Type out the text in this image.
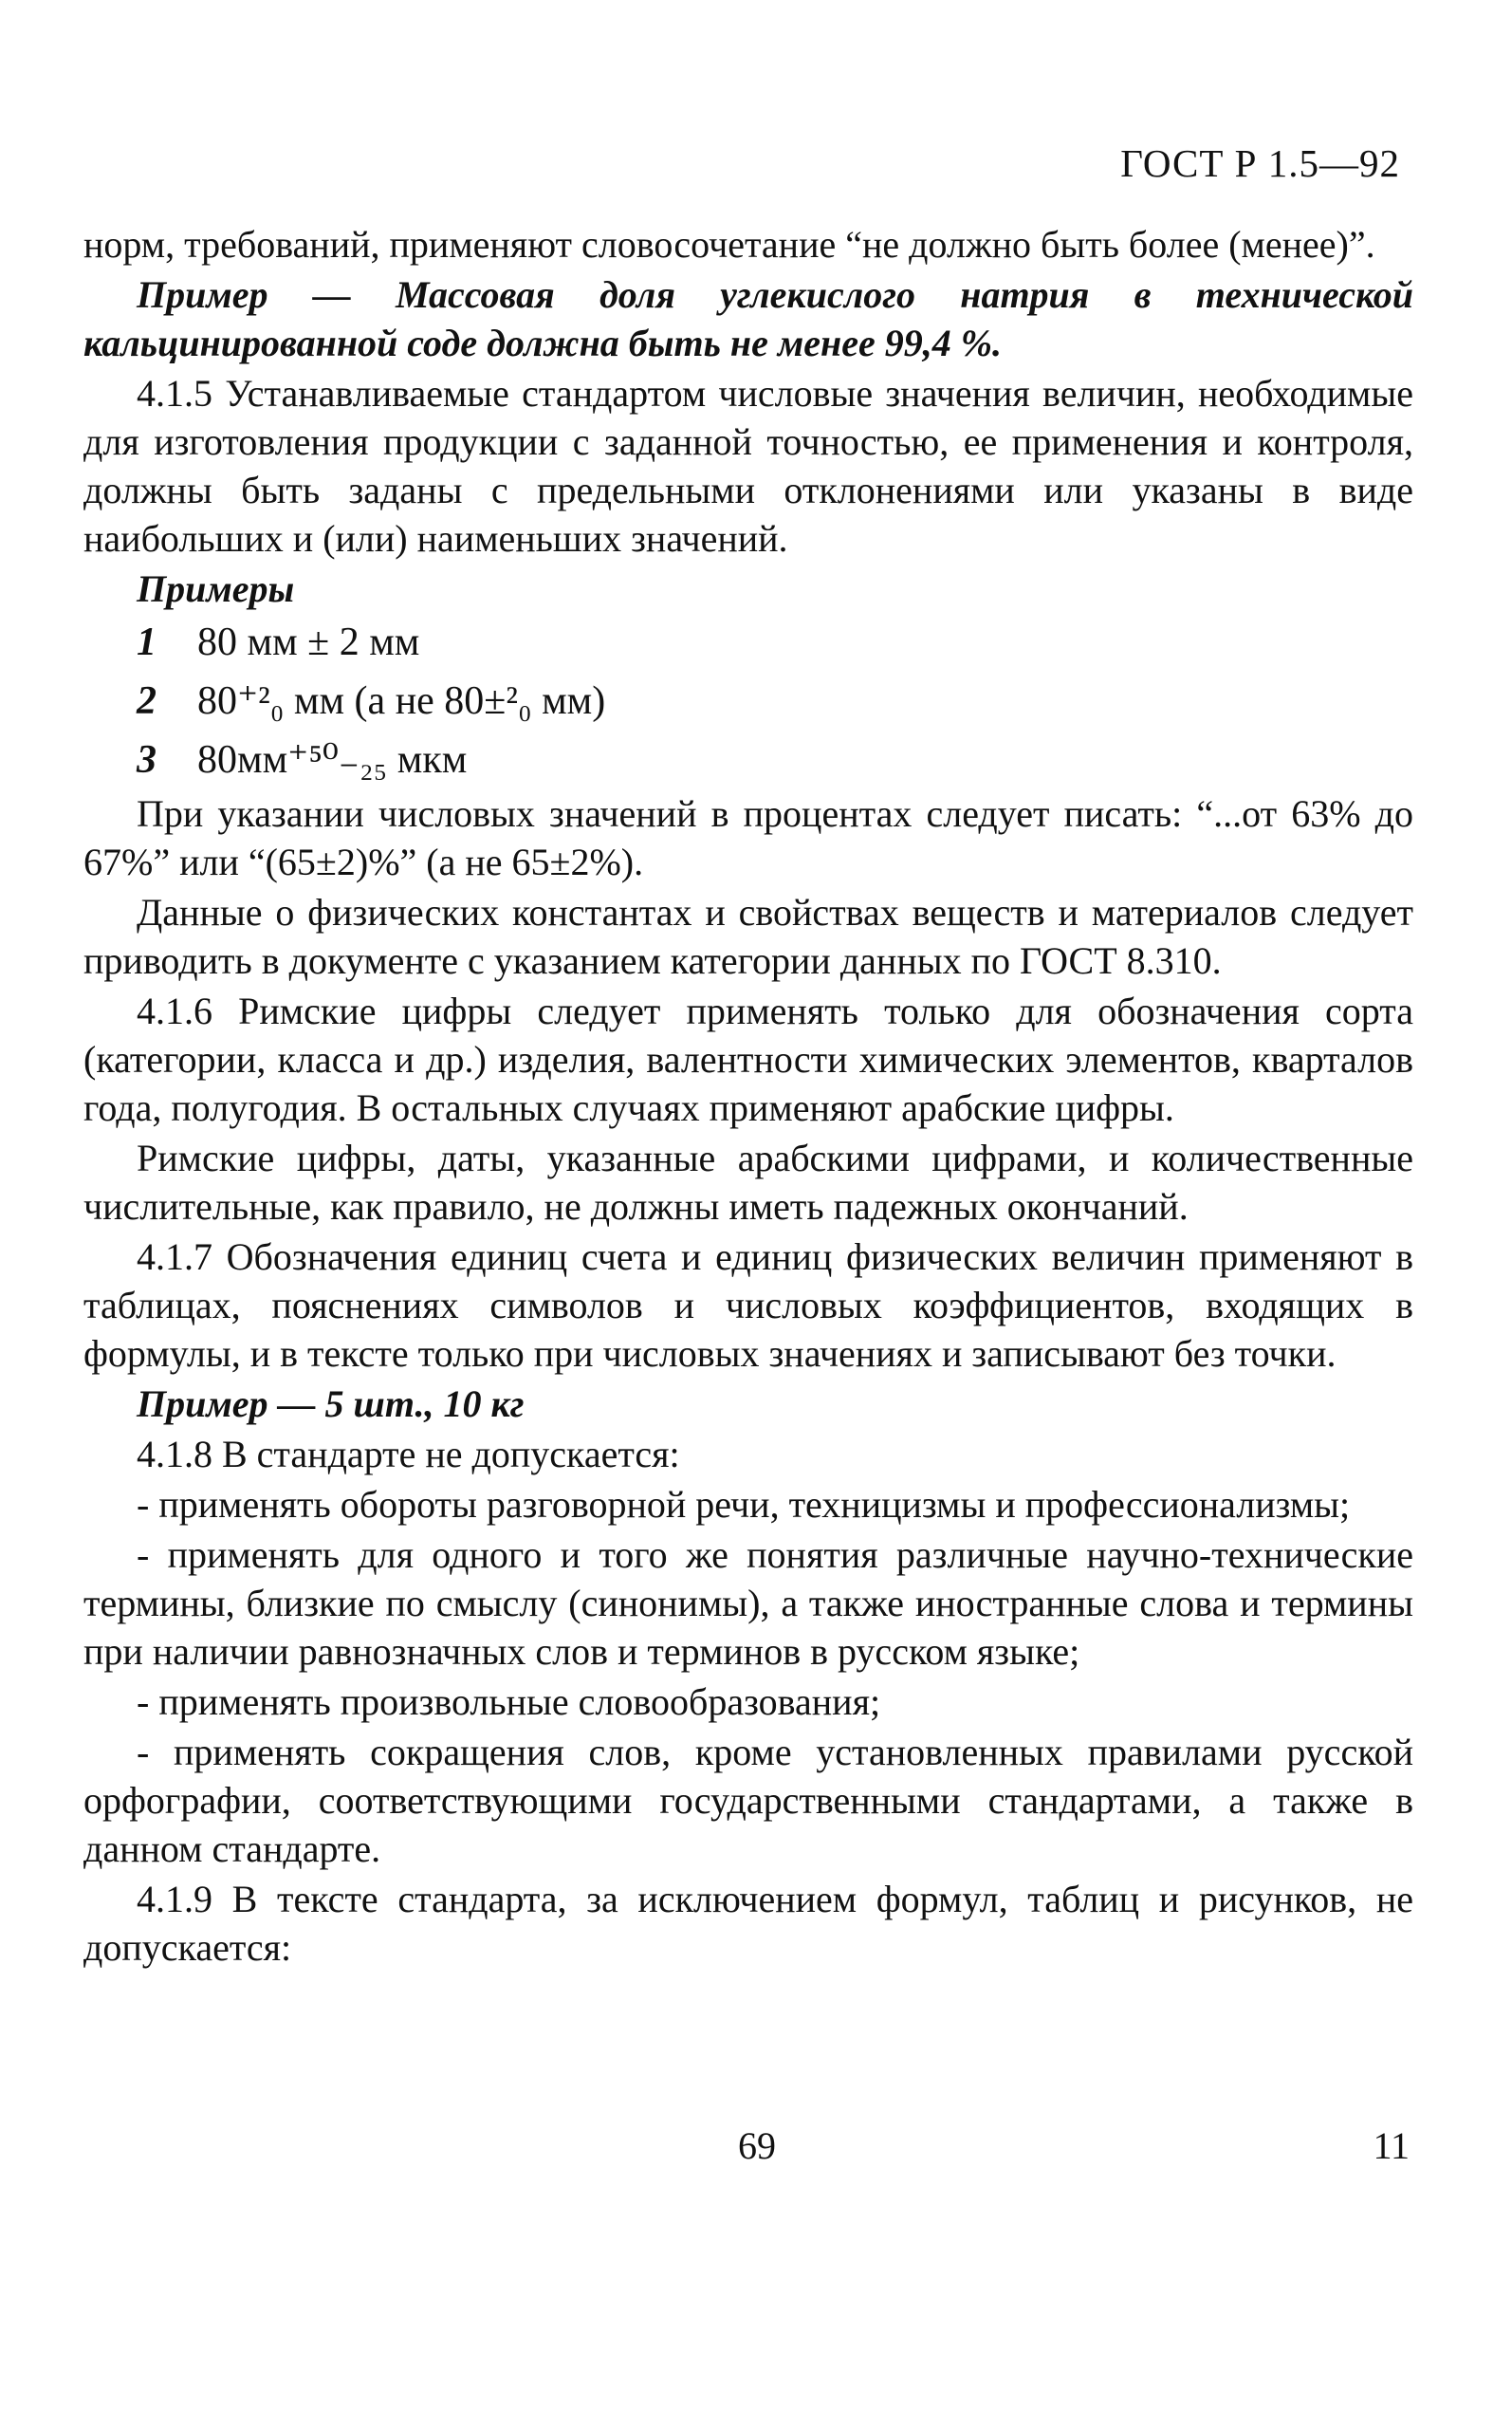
ГОСТ Р 1.5—92

норм, требований, применяют словосочетание “не должно быть более (менее)”.

Пример — Массовая доля углекислого натрия в технической кальцинированной соде должна быть не менее 99,4 %.

4.1.5 Устанавливаемые стандартом числовые значения величин, необходимые для изготовления продукции с заданной точностью, ее применения и контроля, должны быть заданы с предельными отклонениями или указаны в виде наибольших и (или) наименьших значений.

Примеры
1 80 мм ± 2 мм
2 80⁺²₀ мм (а не 80±²₀ мм)
3 80мм⁺⁵⁰₋₂₅ мкм

При указании числовых значений в процентах следует писать: “...от 63% до 67%” или “(65±2)%” (а не 65±2%).

Данные о физических константах и свойствах веществ и материалов следует приводить в документе с указанием категории данных по ГОСТ 8.310.

4.1.6 Римские цифры следует применять только для обозначения сорта (категории, класса и др.) изделия, валентности химических элементов, кварталов года, полугодия. В остальных случаях применяют арабские цифры.

Римские цифры, даты, указанные арабскими цифрами, и количественные числительные, как правило, не должны иметь падежных окончаний.

4.1.7 Обозначения единиц счета и единиц физических величин применяют в таблицах, пояснениях символов и числовых коэффициентов, входящих в формулы, и в тексте только при числовых значениях и записывают без точки.

Пример — 5 шт., 10 кг

4.1.8 В стандарте не допускается:

- применять обороты разговорной речи, техницизмы и профессионализмы;

- применять для одного и того же понятия различные научно-технические термины, близкие по смыслу (синонимы), а также иностранные слова и термины при наличии равнозначных слов и терминов в русском языке;

- применять произвольные словообразования;

- применять сокращения слов, кроме установленных правилами русской орфографии, соответствующими государственными стандартами, а также в данном стандарте.

4.1.9 В тексте стандарта, за исключением формул, таблиц и рисунков, не допускается:

69	11
